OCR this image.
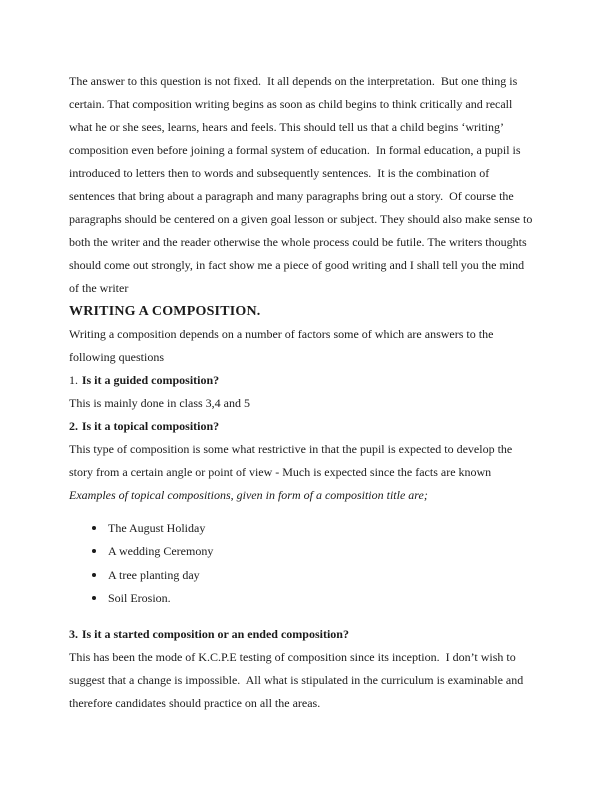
The answer to this question is not fixed.  It all depends on the interpretation.  But one thing is
certain. That composition writing begins as soon as child begins to think critically and recall
what he or she sees, learns, hears and feels. This should tell us that a child begins ‘writing’
composition even before joining a formal system of education.  In formal education, a pupil is
introduced to letters then to words and subsequently sentences.  It is the combination of
sentences that bring about a paragraph and many paragraphs bring out a story.  Of course the
paragraphs should be centered on a given goal lesson or subject. They should also make sense to
both the writer and the reader otherwise the whole process could be futile. The writers thoughts
should come out strongly, in fact show me a piece of good writing and I shall tell you the mind
of the writer

WRITING A COMPOSITION.

Writing a composition depends on a number of factors some of which are answers to the
following questions

1. Is it a guided composition?

This is mainly done in class 3,4 and 5

2. Is it a topical composition?

This type of composition is some what restrictive in that the pupil is expected to develop the
story from a certain angle or point of view - Much is expected since the facts are known
Examples of topical compositions, given in form of a composition title are;

The August Holiday
A wedding Ceremony
A tree planting day
Soil Erosion.

3. Is it a started composition or an ended composition?

This has been the mode of K.C.P.E testing of composition since its inception.  I don’t wish to
suggest that a change is impossible.  All what is stipulated in the curriculum is examinable and
therefore candidates should practice on all the areas.
